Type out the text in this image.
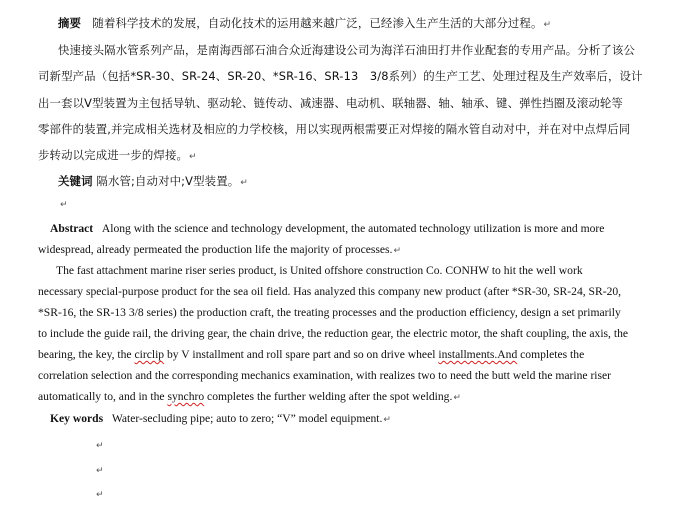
摘要 随着科学技术的发展，自动化技术的运用越来越广泛，已经渗入生产生活的大部分过程。↵

快速接头隔水管系列产品，是南海西部石油合众近海建设公司为海洋石油田打井作业配套的专用产品。分析了该公

司新型产品（包括*SR-30、SR-24、SR-20、*SR-16、SR-13　3/8系列）的生产工艺、处理过程及生产效率后，设计

出一套以V型装置为主包括导轨、驱动轮、链传动、减速器、电动机、联轴器、轴、轴承、键、弹性挡圈及滚动轮等

零部件的装置,并完成相关选材及相应的力学校核，用以实现两根需要正对焊接的隔水管自动对中，并在对中点焊后同

步转动以完成进一步的焊接。↵

关键词 隔水管;自动对中;V型装置。↵

↵

Abstract Along with the science and technology development, the automated technology utilization is more and more

widespread, already permeated the production life the majority of processes.↵

The fast attachment marine riser series product, is United offshore construction Co. CONHW to hit the well work

necessary special-purpose product for the sea oil field. Has analyzed this company new product (after *SR-30, SR-24, SR-20,

*SR-16, the SR-13 3/8 series) the production craft, the treating processes and the production efficiency, design a set primarily

to include the guide rail, the driving gear, the chain drive, the reduction gear, the electric motor, the shaft coupling, the axis, the

bearing, the key, the circlip by V installment and roll spare part and so on drive wheel installments.And completes the

correlation selection and the corresponding mechanics examination, with realizes two to need the butt weld the marine riser

automatically to, and in the synchro completes the further welding after the spot welding.↵

Key words Water-secluding pipe; auto to zero; “V” model equipment.↵

↵
↵
↵
